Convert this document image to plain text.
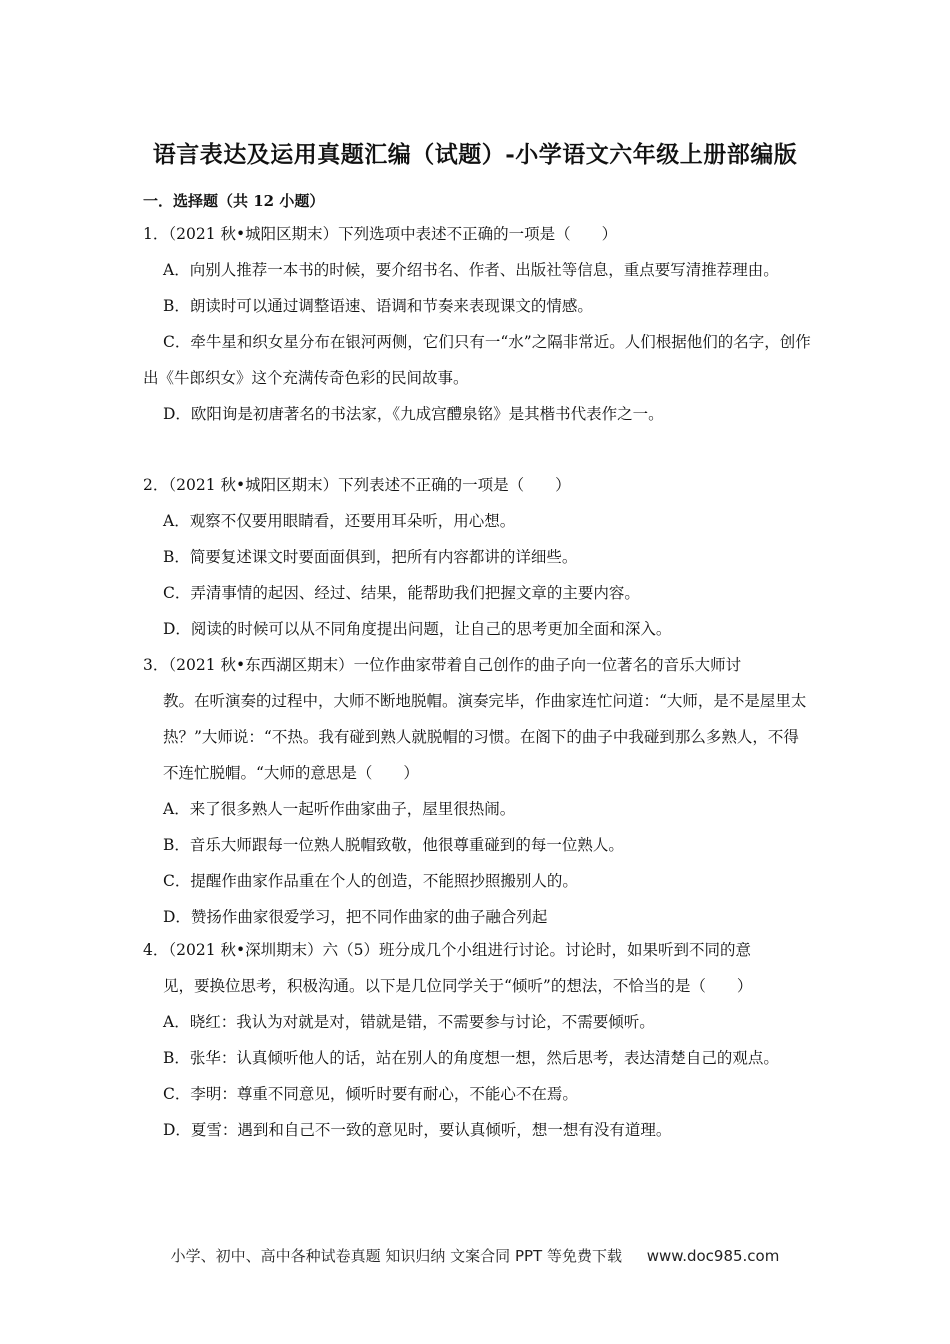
语言表达及运用真题汇编（试题）-小学语文六年级上册部编版
一．选择题（共 12 小题）

1．（2021 秋•城阳区期末）下列选项中表述不正确的一项是（　　）

A．向别人推荐一本书的时候，要介绍书名、作者、出版社等信息，重点要写清推荐理由。

B．朗读时可以通过调整语速、语调和节奏来表现课文的情感。

C．牵牛星和织女星分布在银河两侧，它们只有一“水”之隔非常近。人们根据他们的名字，创作出《牛郎织女》这个充满传奇色彩的民间故事。

D．欧阳询是初唐著名的书法家，《九成宫醴泉铭》是其楷书代表作之一。

2．（2021 秋•城阳区期末）下列表述不正确的一项是（　　）

A．观察不仅要用眼睛看，还要用耳朵听，用心想。

B．简要复述课文时要面面俱到，把所有内容都讲的详细些。

C．弄清事情的起因、经过、结果，能帮助我们把握文章的主要内容。

D．阅读的时候可以从不同角度提出问题，让自己的思考更加全面和深入。

3．（2021 秋•东西湖区期末）一位作曲家带着自己创作的曲子向一位著名的音乐大师讨

教。在听演奏的过程中，大师不断地脱帽。演奏完毕，作曲家连忙问道：“大师，是不是屋里太热？”大师说：“不热。我有碰到熟人就脱帽的习惯。在阁下的曲子中我碰到那么多熟人，不得不连忙脱帽。“大师的意思是（　　）

A．来了很多熟人一起听作曲家曲子，屋里很热闹。

B．音乐大师跟每一位熟人脱帽致敬，他很尊重碰到的每一位熟人。

C．提醒作曲家作品重在个人的创造，不能照抄照搬别人的。

D．赞扬作曲家很爱学习，把不同作曲家的曲子融合列起

4．（2021 秋•深圳期末）六（5）班分成几个小组进行讨论。讨论时，如果听到不同的意

见，要换位思考，积极沟通。以下是几位同学关于“倾听”的想法，不恰当的是（　　）

A．晓红：我认为对就是对，错就是错，不需要参与讨论，不需要倾听。

B．张华：认真倾听他人的话，站在别人的角度想一想，然后思考，表达清楚自己的观点。

C．李明：尊重不同意见，倾听时要有耐心，不能心不在焉。

D．夏雪：遇到和自己不一致的意见时，要认真倾听，想一想有没有道理。

小学、初中、高中各种试卷真题 知识归纳 文案合同 PPT 等免费下载 www.doc985.com
